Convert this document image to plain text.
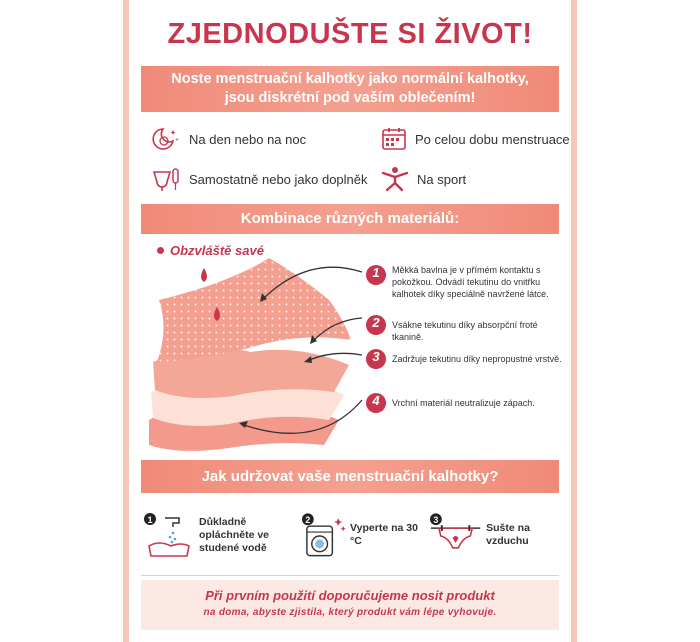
ZJEDNODUŠTE SI ŽIVOT!
Noste menstruační kalhotky jako normální kalhotky,
jsou diskrétní pod vaším oblečením!
Na den nebo na noc	Po celou dobu menstruace
Samostatně nebo jako doplněk	Na sport
Kombinace různých materiálů:
Obzvláště savé
1	Měkká bavlna je v přímém kontaktu s pokožkou. Odvádí tekutinu do vnitřku kalhotek díky speciálně navržené látce.
2	Vsákne tekutinu díky absorpční froté tkanině.
3	Zadržuje tekutinu díky nepropustné vrstvě.
4	Vrchní materiál neutralizuje zápach.
Jak udržovat vaše menstruační kalhotky?
1	Důkladně opláchněte ve studené vodě
2
Vyperte na 30 °C
3
Sušte na vzduchu
Při prvním použití doporučujeme nosit produkt
na doma, abyste zjistila, který produkt vám lépe vyhovuje.
